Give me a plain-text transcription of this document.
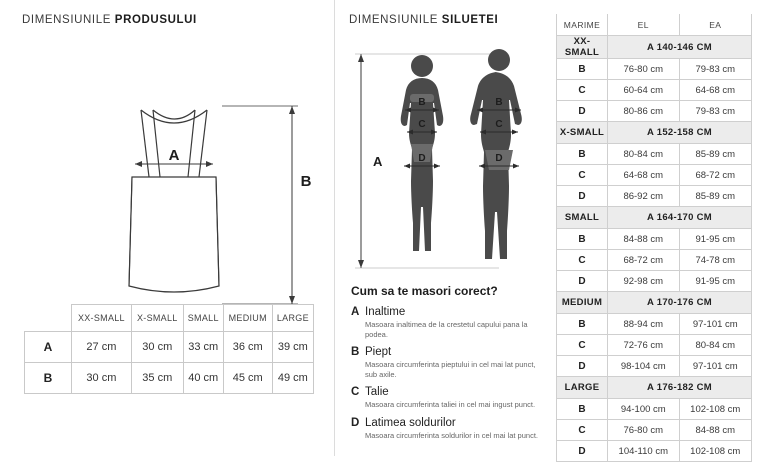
DIMENSIUNILE PRODUSULUI
A
B
	XX-SMALL	X-SMALL	SMALL	MEDIUM	LARGE
A	27 cm	30 cm	33 cm	36 cm	39 cm
B	30 cm	35 cm	40 cm	45 cm	49 cm
DIMENSIUNILE SILUETEI
A
B
C
D
B
C
D
Cum sa te masori corect?
A Inaltime
Masoara inaltimea de la crestetul capului pana la podea.
B Piept
Masoara circumferinta pieptului in cel mai lat punct, sub axile.
C Talie
Masoara circumferinta taliei in cel mai ingust punct.
D Latimea soldurilor
Masoara circumferinta soldurilor in cel mai lat punct.
MARIME	EL	EA
XX-SMALL	A 140-146 CM	
B	76-80 cm	79-83 cm
C	60-64 cm	64-68 cm
D	80-86 cm	79-83 cm
X-SMALL	A 152-158 CM	
B	80-84 cm	85-89 cm
C	64-68 cm	68-72 cm
D	86-92 cm	85-89 cm
SMALL	A 164-170 CM	
B	84-88 cm	91-95 cm
C	68-72 cm	74-78 cm
D	92-98 cm	91-95 cm
MEDIUM	A 170-176 CM	
B	88-94 cm	97-101 cm
C	72-76 cm	80-84 cm
D	98-104 cm	97-101 cm
LARGE	A 176-182 CM	
B	94-100 cm	102-108 cm
C	76-80 cm	84-88 cm
D	104-110 cm	102-108 cm
